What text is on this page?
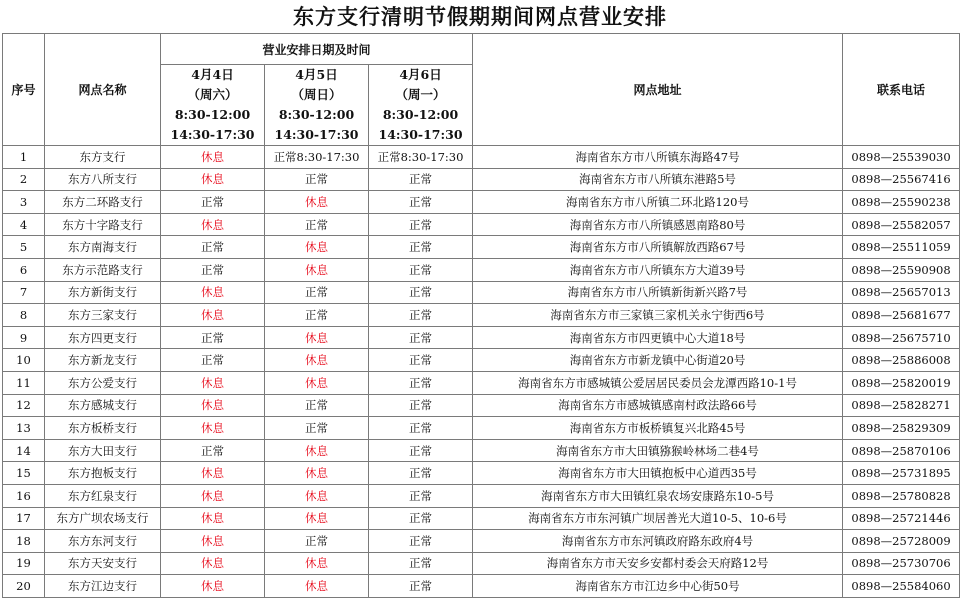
东方支行清明节假期期间网点营业安排
序号	网点名称	营业安排日期及时间			网点地址	联系电话

		4月4日
（周六）
8:30-12:00
14:30-17:30	4月5日
（周日）
8:30-12:00
14:30-17:30	4月6日
（周一）
8:30-12:00
14:30-17:30		

1	东方支行	休息	正常8:30-17:30	正常8:30-17:30	海南省东方市八所镇东海路47号	0898—25539030
2	东方八所支行	休息	正常	正常	海南省东方市八所镇东港路5号	0898—25567416
3	东方二环路支行	正常	休息	正常	海南省东方市八所镇二环北路120号	0898—25590238
4	东方十字路支行	休息	正常	正常	海南省东方市八所镇感恩南路80号	0898—25582057
5	东方南海支行	正常	休息	正常	海南省东方市八所镇解放西路67号	0898—25511059
6	东方示范路支行	正常	休息	正常	海南省东方市八所镇东方大道39号	0898—25590908
7	东方新街支行	休息	正常	正常	海南省东方市八所镇新街新兴路7号	0898—25657013
8	东方三家支行	休息	正常	正常	海南省东方市三家镇三家机关永宁街西6号	0898—25681677
9	东方四更支行	正常	休息	正常	海南省东方市四更镇中心大道18号	0898—25675710
10	东方新龙支行	正常	休息	正常	海南省东方市新龙镇中心街道20号	0898—25886008
11	东方公爱支行	休息	休息	正常	海南省东方市感城镇公爱居居民委员会龙潭西路10-1号	0898—25820019
12	东方感城支行	休息	正常	正常	海南省东方市感城镇感南村政法路66号	0898—25828271
13	东方板桥支行	休息	正常	正常	海南省东方市板桥镇复兴北路45号	0898—25829309
14	东方大田支行	正常	休息	正常	海南省东方市大田镇猕猴岭林场二巷4号	0898—25870106
15	东方抱板支行	休息	休息	正常	海南省东方市大田镇抱板中心道西35号	0898—25731895
16	东方红泉支行	休息	休息	正常	海南省东方市大田镇红泉农场安康路东10-5号	0898—25780828
17	东方广坝农场支行	休息	休息	正常	海南省东方市东河镇广坝居善光大道10-5、10-6号	0898—25721446
18	东方东河支行	休息	正常	正常	海南省东方市东河镇政府路东政府4号	0898—25728009
19	东方天安支行	休息	休息	正常	海南省东方市天安乡安都村委会天府路12号	0898—25730706
20	东方江边支行	休息	休息	正常	海南省东方市江边乡中心街50号	0898—25584060
